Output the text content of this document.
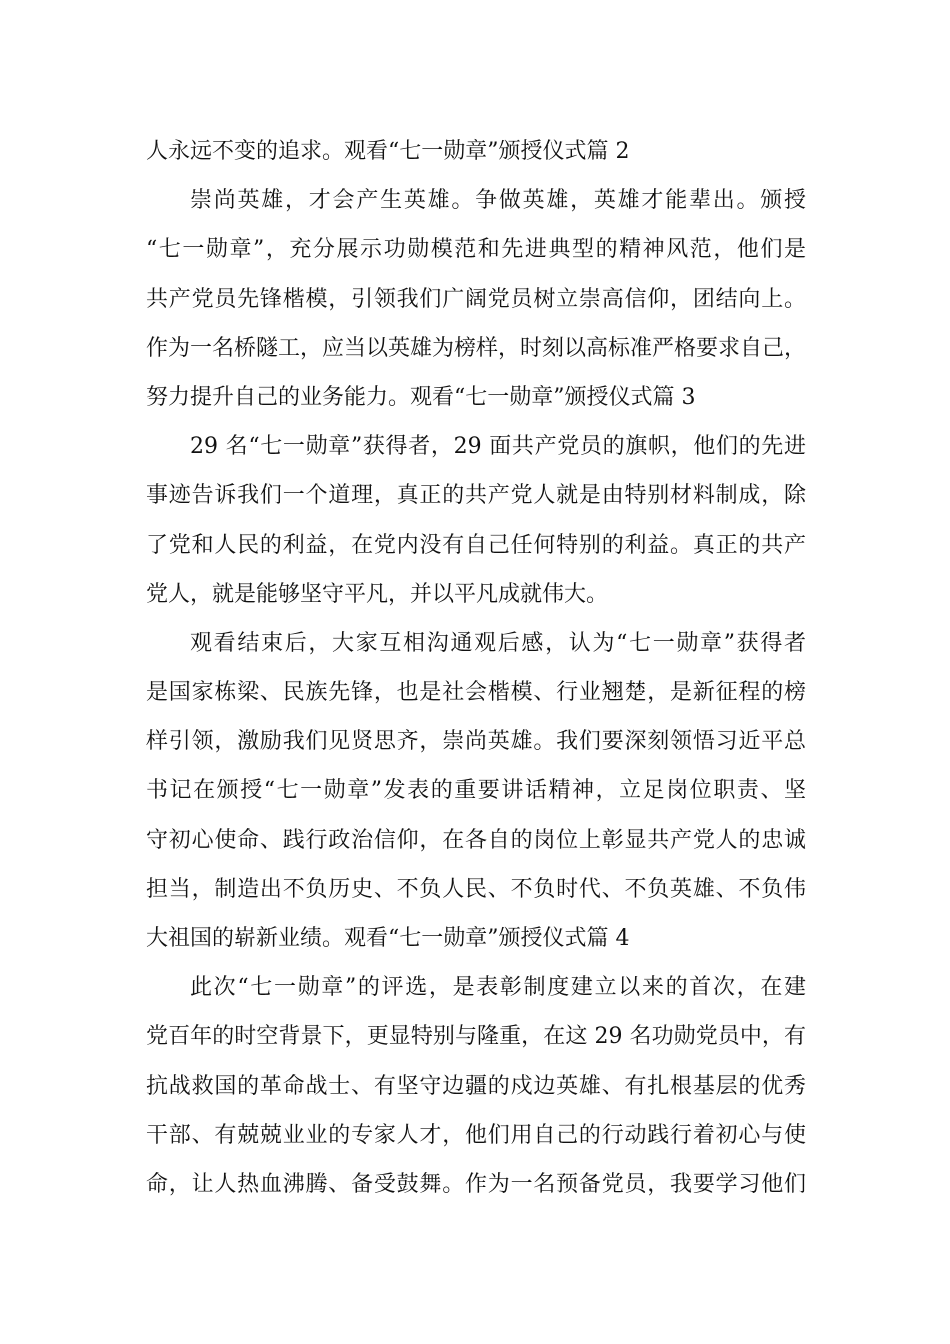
人永远不变的追求。观看“七一勋章”颁授仪式篇 2
崇尚英雄，才会产生英雄。争做英雄，英雄才能辈出。颁授
“七一勋章”，充分展示功勋模范和先进典型的精神风范，他们是
共产党员先锋楷模，引领我们广阔党员树立崇高信仰，团结向上。
作为一名桥隧工，应当以英雄为榜样，时刻以高标准严格要求自己，
努力提升自己的业务能力。观看“七一勋章”颁授仪式篇 3
29 名“七一勋章”获得者，29 面共产党员的旗帜，他们的先进
事迹告诉我们一个道理，真正的共产党人就是由特别材料制成，除
了党和人民的利益，在党内没有自己任何特别的利益。真正的共产
党人，就是能够坚守平凡，并以平凡成就伟大。
观看结束后，大家互相沟通观后感，认为“七一勋章”获得者
是国家栋梁、民族先锋，也是社会楷模、行业翘楚，是新征程的榜
样引领，激励我们见贤思齐，崇尚英雄。我们要深刻领悟习近平总
书记在颁授“七一勋章”发表的重要讲话精神，立足岗位职责、坚
守初心使命、践行政治信仰，在各自的岗位上彰显共产党人的忠诚
担当，制造出不负历史、不负人民、不负时代、不负英雄、不负伟
大祖国的崭新业绩。观看“七一勋章”颁授仪式篇 4
此次“七一勋章”的评选，是表彰制度建立以来的首次，在建
党百年的时空背景下，更显特别与隆重，在这 29 名功勋党员中，有
抗战救国的革命战士、有坚守边疆的戍边英雄、有扎根基层的优秀
干部、有兢兢业业的专家人才，他们用自己的行动践行着初心与使
命，让人热血沸腾、备受鼓舞。作为一名预备党员，我要学习他们
